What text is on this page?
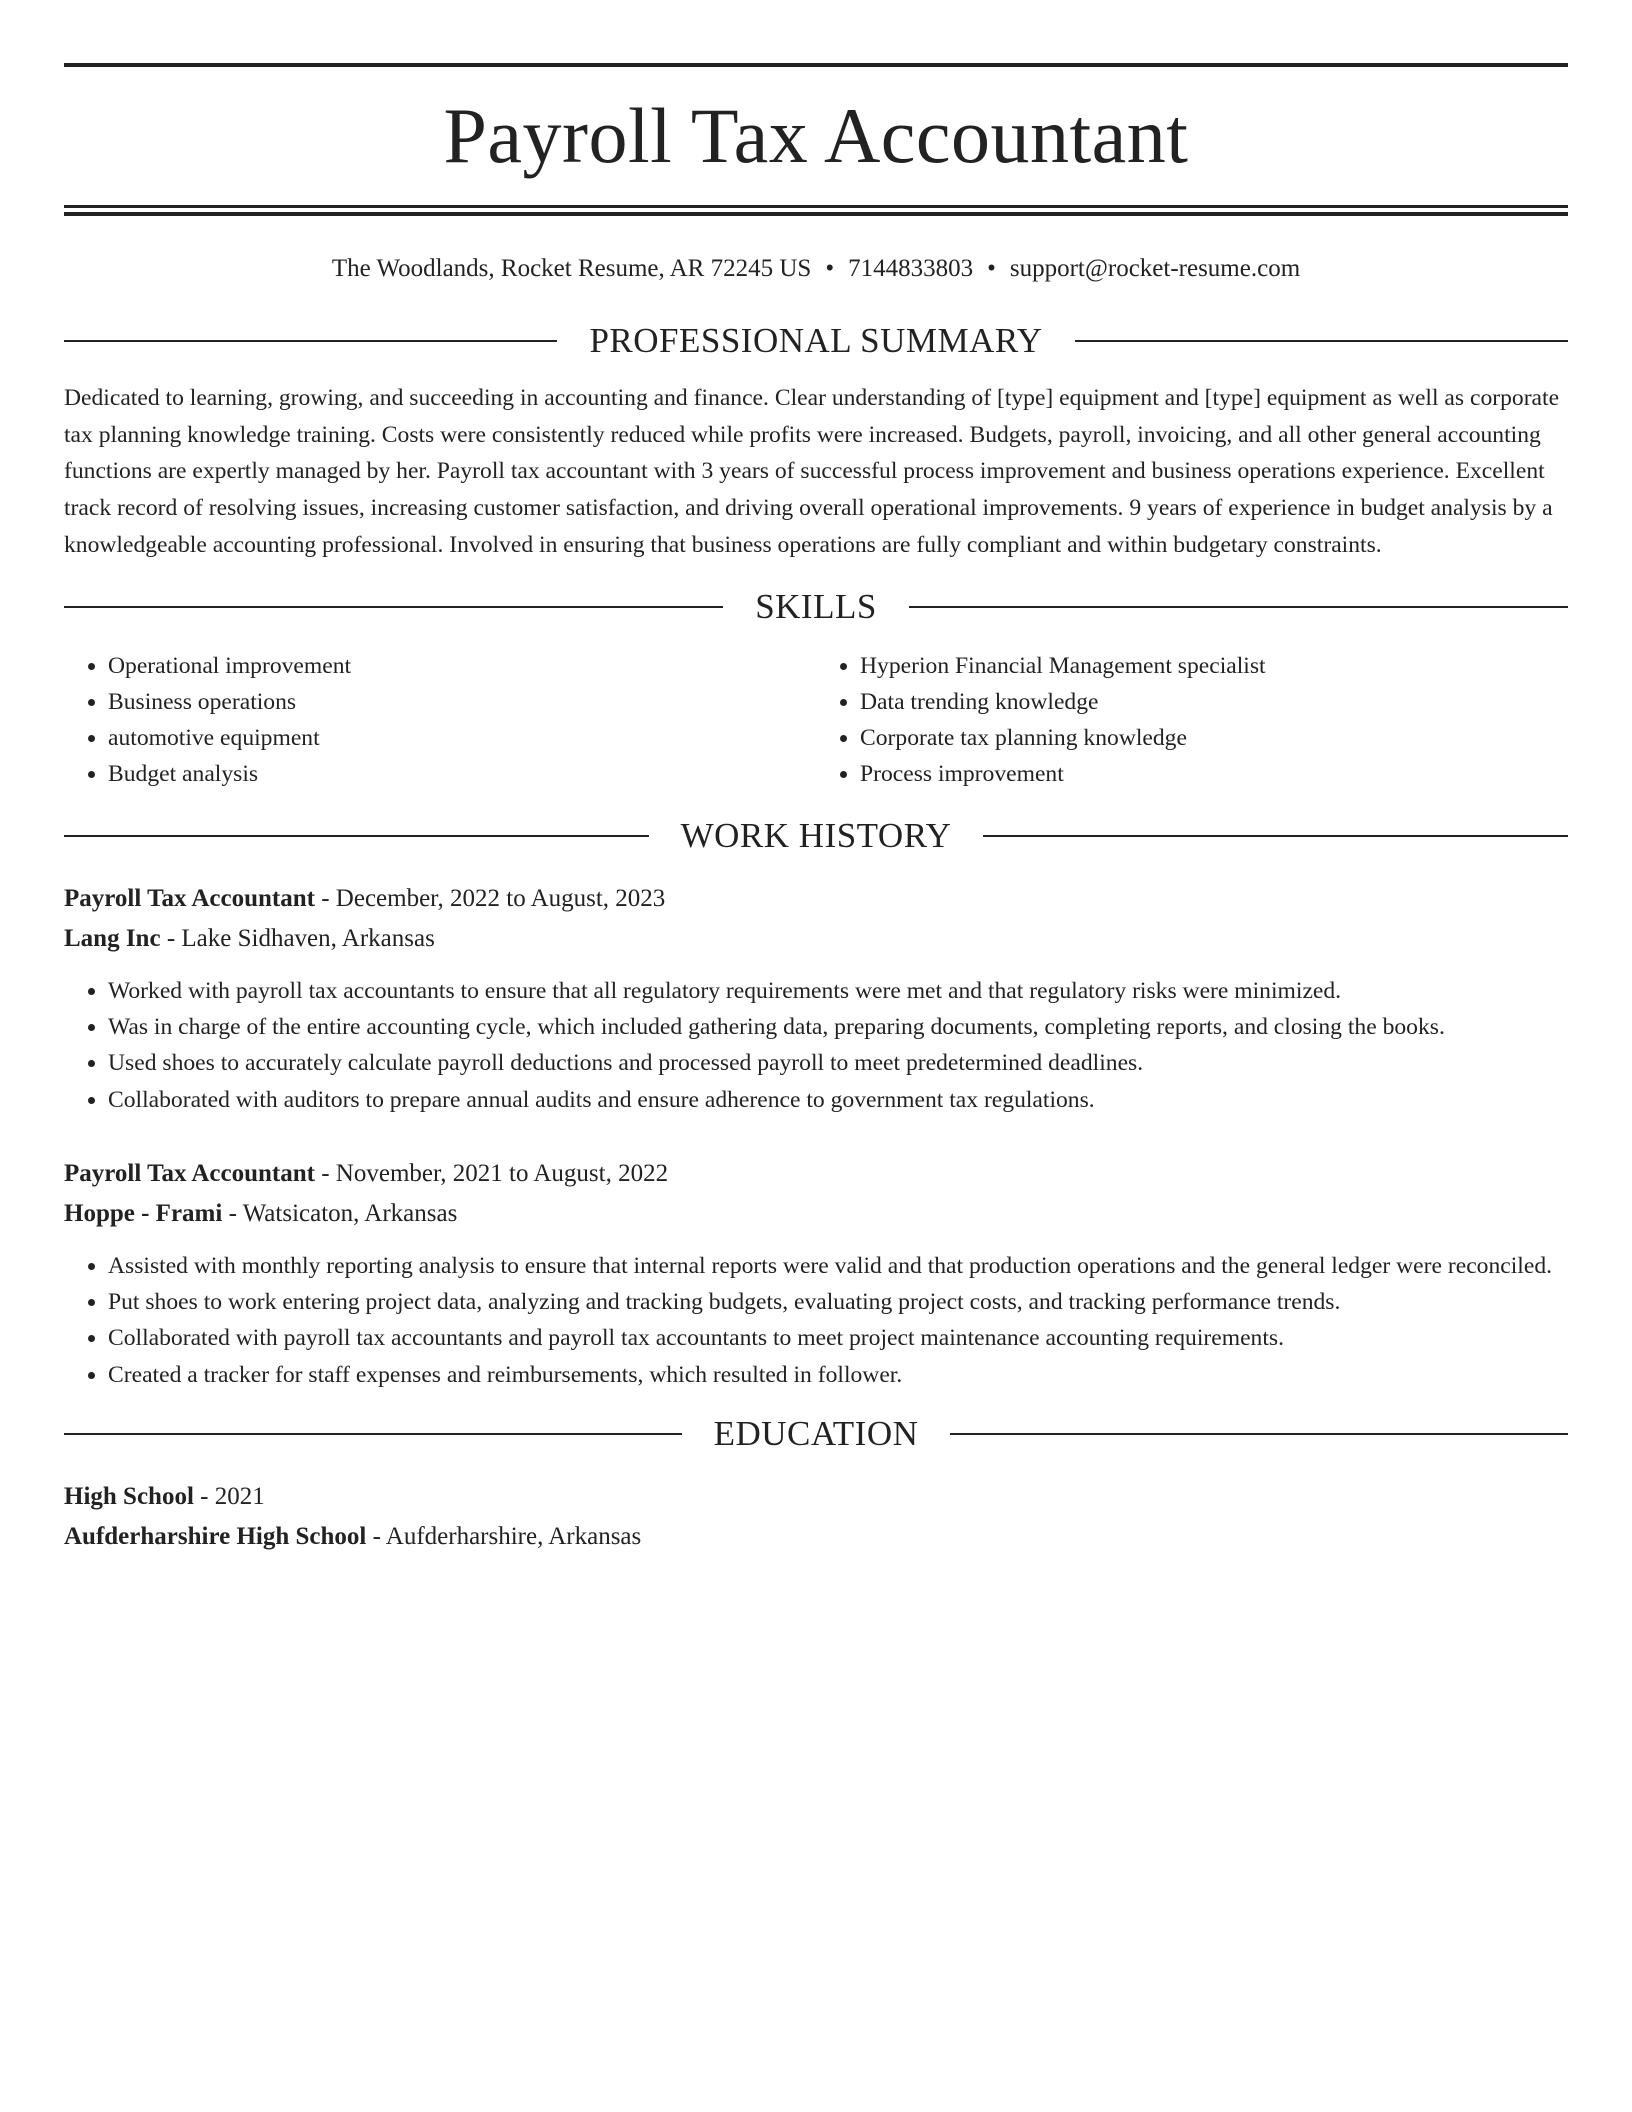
Payroll Tax Accountant
The Woodlands, Rocket Resume, AR 72245 US • 7144833803 • support@rocket-resume.com
PROFESSIONAL SUMMARY

Dedicated to learning, growing, and succeeding in accounting and finance. Clear understanding of [type] equipment and [type] equipment as well as corporate tax planning knowledge training. Costs were consistently reduced while profits were increased. Budgets, payroll, invoicing, and all other general accounting functions are expertly managed by her. Payroll tax accountant with 3 years of successful process improvement and business operations experience. Excellent track record of resolving issues, increasing customer satisfaction, and driving overall operational improvements. 9 years of experience in budget analysis by a knowledgeable accounting professional. Involved in ensuring that business operations are fully compliant and within budgetary constraints.

SKILLS
• Operational improvement
• Business operations
• automotive equipment
• Budget analysis
• Hyperion Financial Management specialist
• Data trending knowledge
• Corporate tax planning knowledge
• Process improvement
WORK HISTORY
Payroll Tax Accountant - December, 2022 to August, 2023
Lang Inc - Lake Sidhaven, Arkansas
• Worked with payroll tax accountants to ensure that all regulatory requirements were met and that regulatory risks were minimized.
• Was in charge of the entire accounting cycle, which included gathering data, preparing documents, completing reports, and closing the books.
• Used shoes to accurately calculate payroll deductions and processed payroll to meet predetermined deadlines.
• Collaborated with auditors to prepare annual audits and ensure adherence to government tax regulations.
Payroll Tax Accountant - November, 2021 to August, 2022
Hoppe - Frami - Watsicaton, Arkansas
• Assisted with monthly reporting analysis to ensure that internal reports were valid and that production operations and the general ledger were reconciled.
• Put shoes to work entering project data, analyzing and tracking budgets, evaluating project costs, and tracking performance trends.
• Collaborated with payroll tax accountants and payroll tax accountants to meet project maintenance accounting requirements.
• Created a tracker for staff expenses and reimbursements, which resulted in follower.
EDUCATION
High School - 2021
Aufderharshire High School - Aufderharshire, Arkansas
